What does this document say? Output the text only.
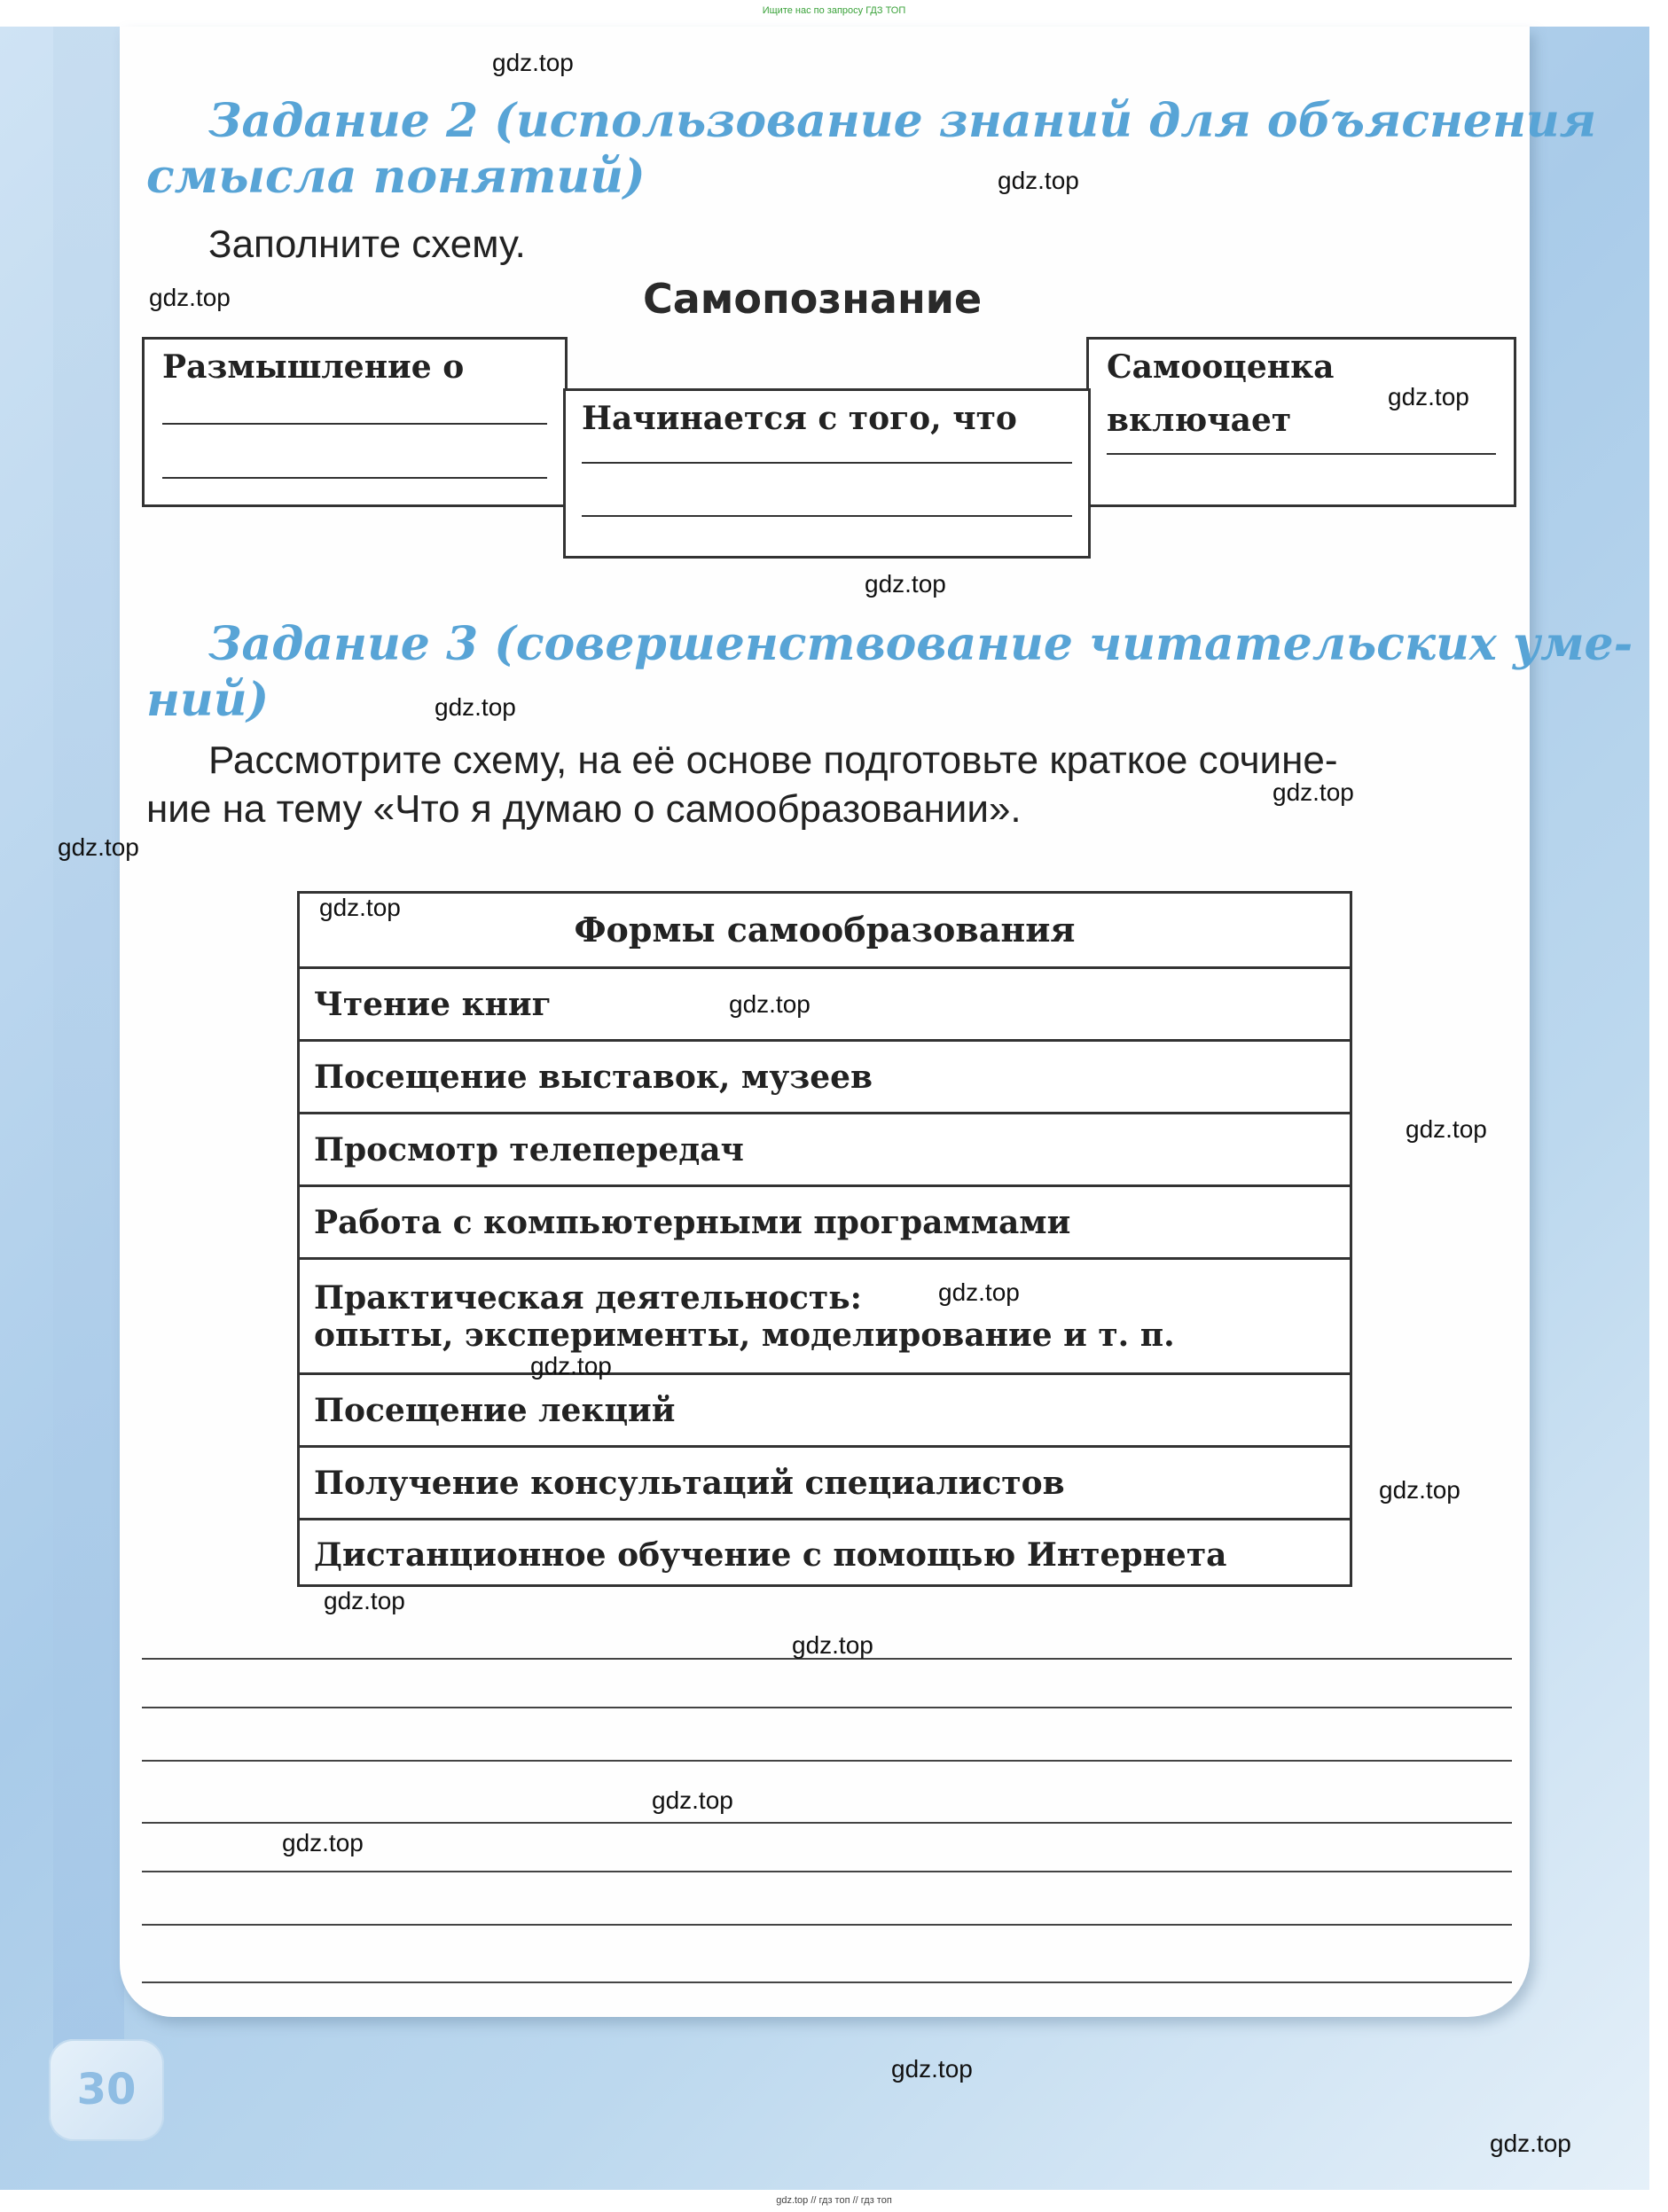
Ищите нас по запросу ГДЗ ТОП

Задание 2 (использование знаний для объяснения

смысла понятий)

Заполните схему.

Самопознание
Размышление о	Самооценка
включает
Начинается с того, что

Задание 3 (совершенствование читательских уме-

ний)

Рассмотрите схему, на её основе подготовьте краткое сочине-

ние на тему «Что я думаю о самообразовании».

Формы самообразования
Чтение книг
Посещение выставок, музеев
Просмотр телепередач
Работа с компьютерными программами
Практическая деятельность:
опыты, эксперименты, моделирование и т. п.
Посещение лекций
Получение консультаций специалистов
Дистанционное обучение с помощью Интернета
gdz.top
gdz.top
gdz.top
gdz.top
gdz.top
gdz.top
gdz.top
gdz.top
gdz.top
gdz.top
gdz.top
gdz.top
gdz.top
gdz.top
gdz.top
gdz.top
gdz.top
gdz.top
gdz.top
gdz.top
30
gdz.top // гдз топ // гдз топ
